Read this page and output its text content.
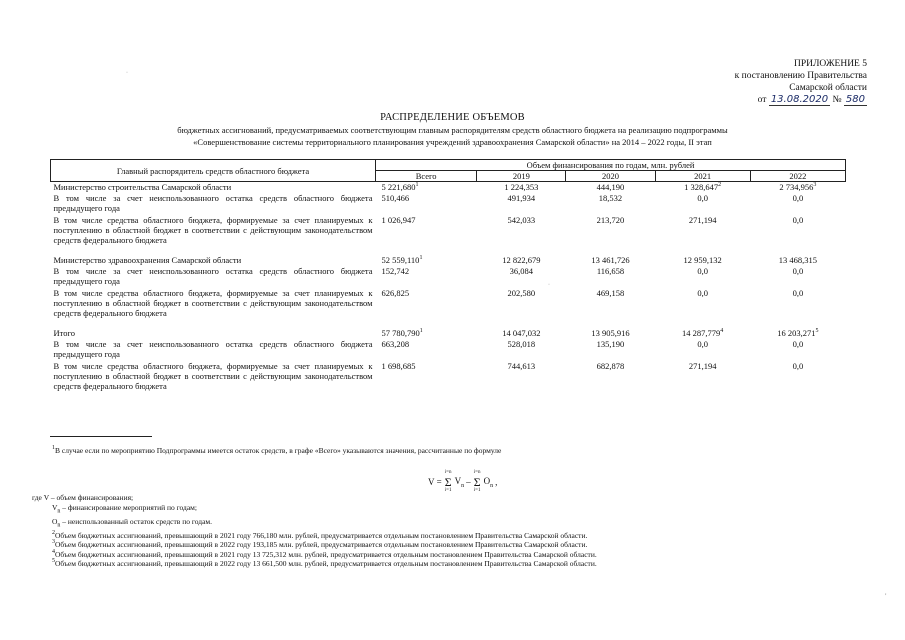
ПРИЛОЖЕНИЕ 5
к постановлению Правительства
Самарской области
от 13.08.2020 № 580
РАСПРЕДЕЛЕНИЕ ОБЪЕМОВ
бюджетных ассигнований, предусматриваемых соответствующим главным распорядителям средств областного бюджета на реализацию подпрограммы
«Совершенствование системы территориального планирования учреждений здравоохранения Самарской области» на 2014 – 2022 годы, II этап
Главный распорядитель средств областного бюджета	Объем финансирования по годам, млн. рублей				
	Всего	2019	2020	2021	2022
Министерство строительства Самарской области	5 221,680$^1$	1 224,353	444,190	1 328,647$^2$	2 734,956$^3$
В том числе за счет неиспользованного остатка средств областного бюджета предыдущего года	510,466	491,934	18,532	0,0	0,0
В том числе средства областного бюджета, формируемые за счет планируемых к поступлению в областной бюджет в соответствии с действующим законодательством средств федерального бюджета	1 026,947	542,033	213,720	271,194	0,0
Министерство здравоохранения Самарской области	52 559,110$^1$	12 822,679	13 461,726	12 959,132	13 468,315
В том числе за счет неиспользованного остатка средств областного бюджета предыдущего года	152,742	36,084	116,658	0,0	0,0
В том числе средства областного бюджета, формируемые за счет планируемых к поступлению в областной бюджет в соответствии с действующим законодательством средств федерального бюджета	626,825	202,580	469,158	0,0	0,0
Итого	57 780,790$^1$	14 047,032	13 905,916	14 287,779$^4$	16 203,271$^5$
В том числе за счет неиспользованного остатка средств областного бюджета предыдущего года	663,208	528,018	135,190	0,0	0,0
В том числе средства областного бюджета, формируемые за счет планируемых к поступлению в областной бюджет в соответствии с действующим законодательством средств федерального бюджета	1 698,685	744,613	682,878	271,194	0,0
$^1$В случае если по мероприятию Подпрограммы имеется остаток средств, в графе «Всего» указываются значения, рассчитанные по формуле
V =
i=n
Σ
i=1
$V_n$ –
i=n
Σ
i=1
$O_n$ ,
где V – объем финансирования;
$V_n$ – финансирование мероприятий по годам;
$O_n$ – неиспользованный остаток средств по годам.
$^2$Объем бюджетных ассигнований, превышающий в 2021 году 766,180 млн. рублей, предусматривается отдельным постановлением Правительства Самарской области.
$^3$Объем бюджетных ассигнований, превышающий в 2022 году 193,185 млн. рублей, предусматривается отдельным постановлением Правительства Самарской области.
$^4$Объем бюджетных ассигнований, превышающий в 2021 году 13 725,312 млн. рублей, предусматривается отдельным постановлением Правительства Самарской области.
$^5$Объем бюджетных ассигнований, превышающий в 2022 году 13 661,500 млн. рублей, предусматривается отдельным постановлением Правительства Самарской области.
·
·
,
